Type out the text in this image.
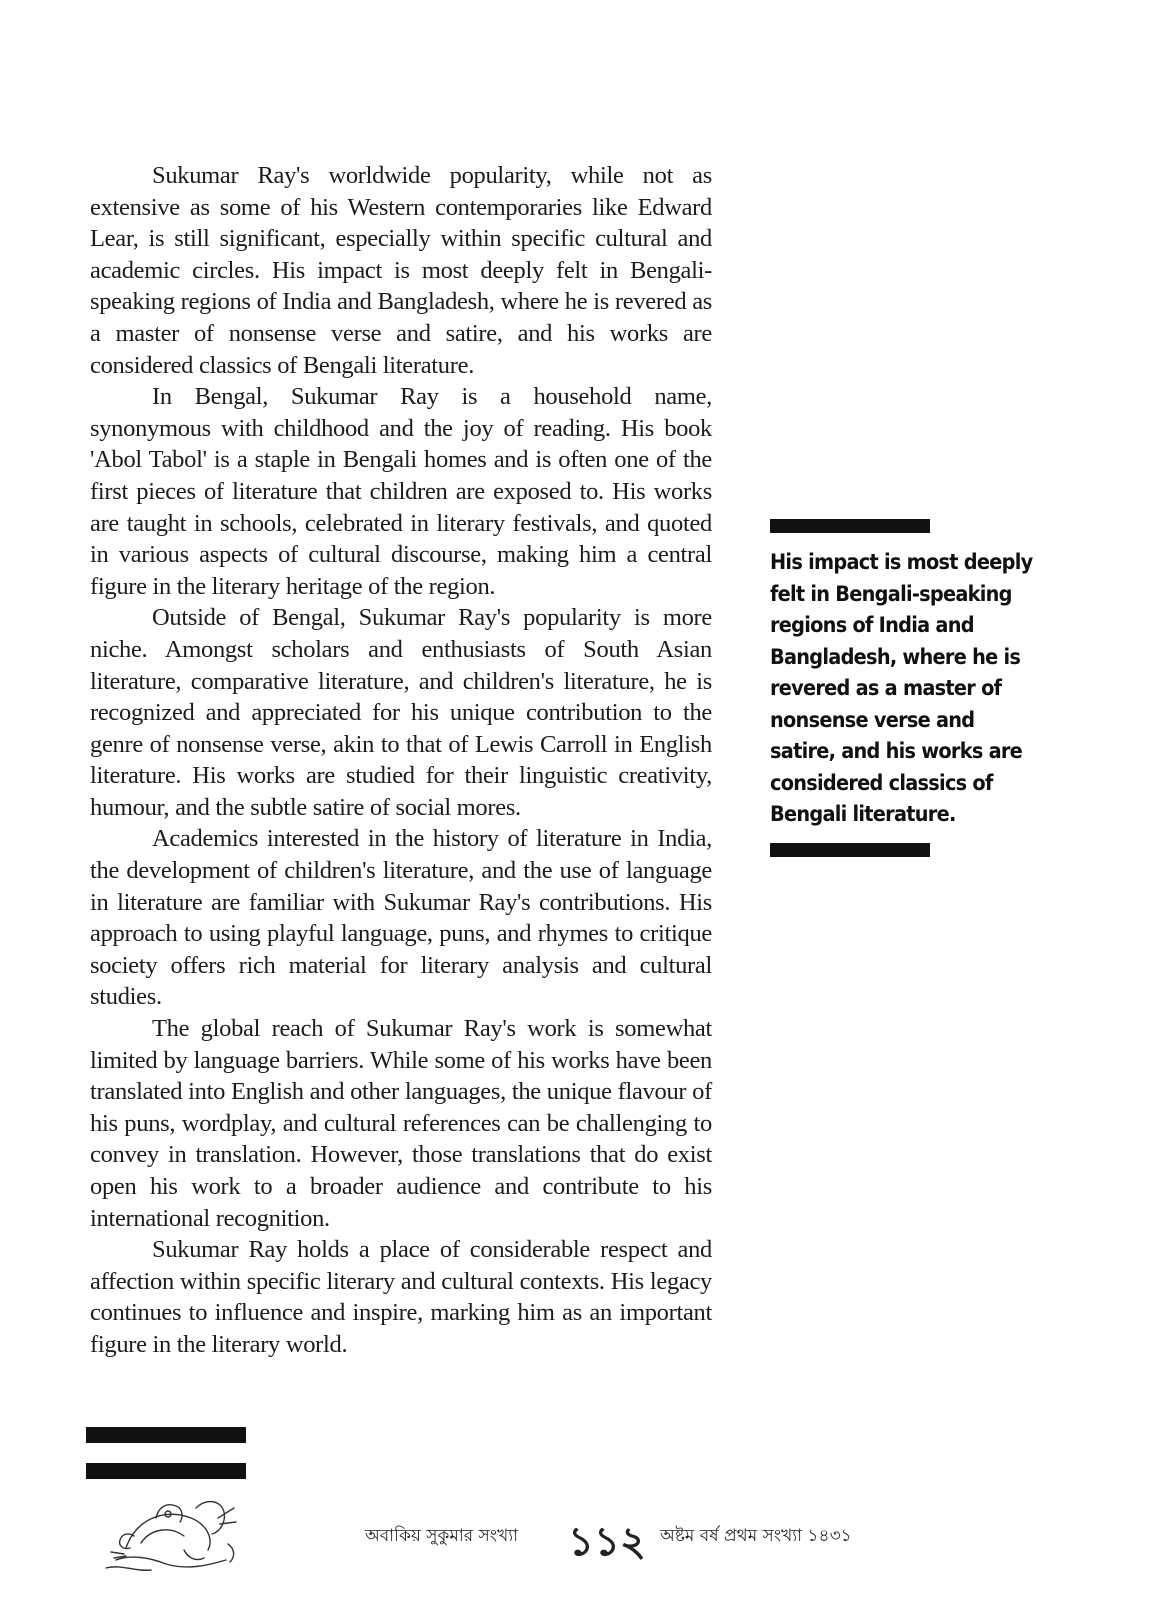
Sukumar Ray's worldwide popularity, while not as extensive as some of his Western contemporaries like Edward Lear, is still significant, especially within specific cultural and academic circles. His impact is most deeply felt in Bengali-speaking regions of India and Bangladesh, where he is revered as a master of nonsense verse and satire, and his works are considered classics of Bengali literature.

In Bengal, Sukumar Ray is a household name, synonymous with childhood and the joy of reading. His book 'Abol Tabol' is a staple in Bengali homes and is often one of the first pieces of literature that children are exposed to. His works are taught in schools, celebrated in literary festivals, and quoted in various aspects of cultural discourse, making him a central figure in the literary heritage of the region.

Outside of Bengal, Sukumar Ray's popularity is more niche. Amongst scholars and enthusiasts of South Asian literature, comparative literature, and children's literature, he is recognized and appreciated for his unique contribution to the genre of nonsense verse, akin to that of Lewis Carroll in English literature. His works are studied for their linguistic creativity, humour, and the subtle satire of social mores.

Academics interested in the history of literature in India, the development of children's literature, and the use of language in literature are familiar with Sukumar Ray's contributions. His approach to using playful language, puns, and rhymes to critique society offers rich material for literary analysis and cultural studies.

The global reach of Sukumar Ray's work is somewhat limited by language barriers. While some of his works have been translated into English and other languages, the unique flavour of his puns, wordplay, and cultural references can be challenging to convey in translation. However, those translations that do exist open his work to a broader audience and contribute to his international recognition.

Sukumar Ray holds a place of considerable respect and affection within specific literary and cultural contexts. His legacy continues to influence and inspire, marking him as an important figure in the literary world.

His impact is most deeply felt in Bengali-speaking regions of India and Bangladesh, where he is revered as a master of nonsense verse and satire, and his works are considered classics of Bengali literature.
অবাকিয় সুকুমার সংখ্যা ১১২ অষ্টম বর্ষ প্রথম সংখ্যা ১৪৩১
